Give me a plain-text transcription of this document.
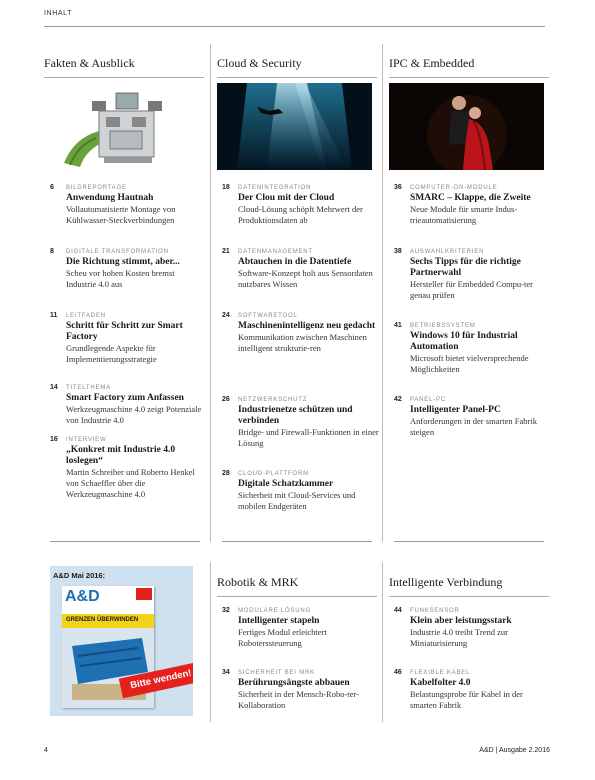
INHALT
Fakten & Ausblick
6 BILDREPORTAGE
Anwendung Hautnah
Vollautomatisierte Montage von Kühlwasser-Steckverbindungen
8 DIGITALE TRANSFORMATION
Die Richtung stimmt, aber...
Scheu vor hohen Kosten bremst Industrie 4.0 aus
11 LEITFADEN
Schritt für Schritt zur Smart Factory
Grundlegende Aspekte für Implementierungsstrategie
14 TITELTHEMA
Smart Factory zum Anfassen
Werkzeugmaschine 4.0 zeigt Potenziale von Industrie 4.0
16 INTERVIEW
„Konkret mit Industrie 4.0 loslegen“
Martin Schreiber und Roberto Henkel von Schaeffler über die Werkzeugmaschine 4.0
Cloud & Security
18 DATENINTEGRATION
Der Clou mit der Cloud
Cloud-Lösung schöpft Mehrwert der Produktionsdaten ab
21 DATENMANAGEMENT
Abtauchen in die Datentiefe
Software-Konzept holt aus Sensordaten nutzbares Wissen
24 SOFTWARETOOL
Maschinenintelligenz neu gedacht
Kommunikation zwischen Maschinen intelligent strukturie-ren
26 NETZWERKSCHUTZ
Industrienetze schützen und verbinden
Bridge- und Firewall-Funktionen in einer Lösung
28 CLOUD-PLATTFORM
Digitale Schatzkammer
Sicherheit mit Cloud-Services und mobilen Endgeräten
IPC & Embedded
36 COMPUTER-ON-MODULE
SMARC – Klappe, die Zweite
Neue Module für smarte Indus-trieautomatisierung
38 AUSWAHLKRITERIEN
Sechs Tipps für die richtige Partnerwahl
Hersteller für Embedded Compu-ter genau prüfen
41 BETRIEBSSYSTEM
Windows 10 für Industrial Automation
Microsoft bietet vielversprechende Möglichkeiten
42 PANEL-PC
Intelligenter Panel-PC
Anforderungen in der smarten Fabrik steigen
A&D Mai 2016:
A&D
GRENZEN ÜBERWINDEN
Bitte wenden!
Robotik & MRK
32 MODULARE LÖSUNG
Intelligenter stapeln
Fertiges Modul erleichtert Roboterssteuerung
34 SICHERHEIT BEI MRK
Berührungsängste abbauen
Sicherheit in der Mensch-Robo-ter-Kollaboration
Intelligente Verbindung
44 FUNKSENSOR
Klein aber leistungsstark
Industrie 4.0 treibt Trend zur Miniaturisierung
46 FLEXIBLE KABEL
Kabelfolter 4.0
Belastungsprobe für Kabel in der smarten Fabrik
4	A&D | Ausgabe 2.2016
